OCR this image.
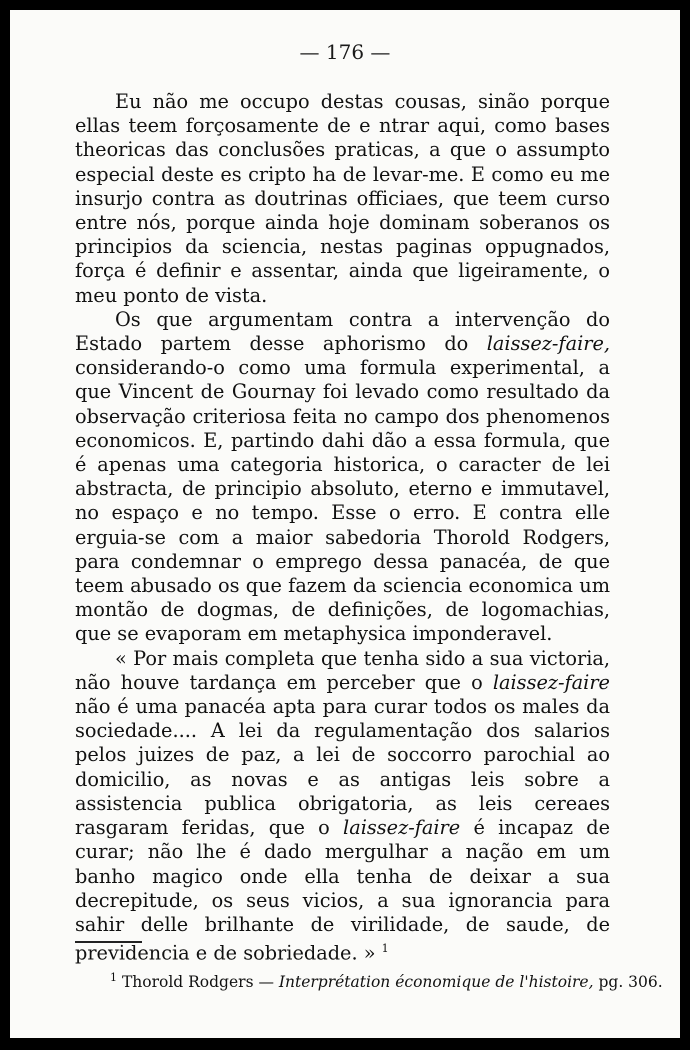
— 176 —

Eu não me occupo destas cousas, sinão porque ellas teem forçosamente de e ntrar aqui, como bases theoricas das conclusões praticas, a que o assumpto especial deste es cripto ha de levar-me. E como eu me insurjo contra as doutrinas officiaes, que teem curso entre nós, porque ainda hoje dominam soberanos os principios da sciencia, nestas paginas oppugnados, força é definir e assentar, ainda que ligeiramente, o meu ponto de vista.

Os que argumentam contra a intervenção do Estado partem desse aphorismo do laissez-faire, considerando-o como uma formula experimental, a que Vincent de Gournay foi levado como resultado da observação criteriosa feita no campo dos phenomenos economicos. E, partindo dahi dão a essa formula, que é apenas uma categoria historica, o caracter de lei abstracta, de principio absoluto, eterno e immutavel, no espaço e no tempo. Esse o erro. E contra elle erguia-se com a maior sabedoria Thorold Rodgers, para condemnar o emprego dessa panacéa, de que teem abusado os que fazem da sciencia economica um montão de dogmas, de definições, de logomachias, que se evaporam em metaphysica imponderavel.

« Por mais completa que tenha sido a sua victoria, não houve tardança em perceber que o laissez-faire não é uma panacéa apta para curar todos os males da sociedade.... A lei da regulamentação dos salarios pelos juizes de paz, a lei de soccorro parochial ao domicilio, as novas e as antigas leis sobre a assistencia publica obrigatoria, as leis cereaes rasgaram feridas, que o laissez-faire é incapaz de curar; não lhe é dado mergulhar a nação em um banho magico onde ella tenha de deixar a sua decrepitude, os seus vicios, a sua ignorancia para sahir delle brilhante de virilidade, de saude, de previdencia e de sobriedade. » $^1$

$^1$ Thorold Rodgers — Interprétation économique de l'histoire, pg. 306.
